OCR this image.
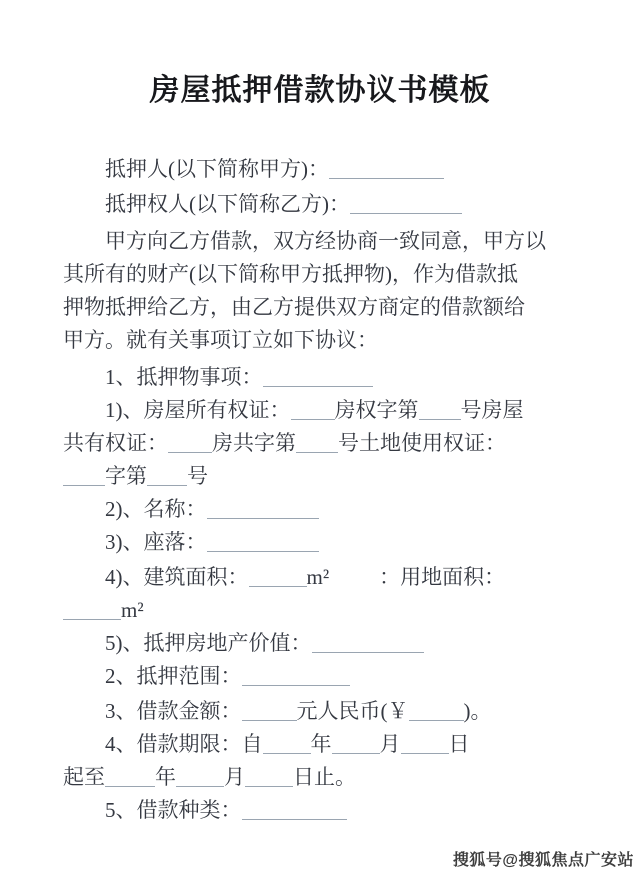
房屋抵押借款协议书模板
抵押人(以下简称甲方)：
抵押权人(以下简称乙方)：
甲方向乙方借款，双方经协商一致同意，甲方以
其所有的财产(以下简称甲方抵押物)，作为借款抵
押物抵押给乙方，由乙方提供双方商定的借款额给
甲方。就有关事项订立如下协议：
1、抵押物事项：
1)、房屋所有权证： 房权字第 号房屋
共有权证： 房共字第 号土地使用权证：
字第 号
2)、名称：
3)、座落：
4)、建筑面积：	m² ：用地面积：
m²
5)、抵押房地产价值：
2、抵押范围：
3、借款金额：	元人民币(￥	)。
4、借款期限：自 年 月 日
起至 年 月 日止。
5、借款种类：
搜狐号@搜狐焦点广安站
